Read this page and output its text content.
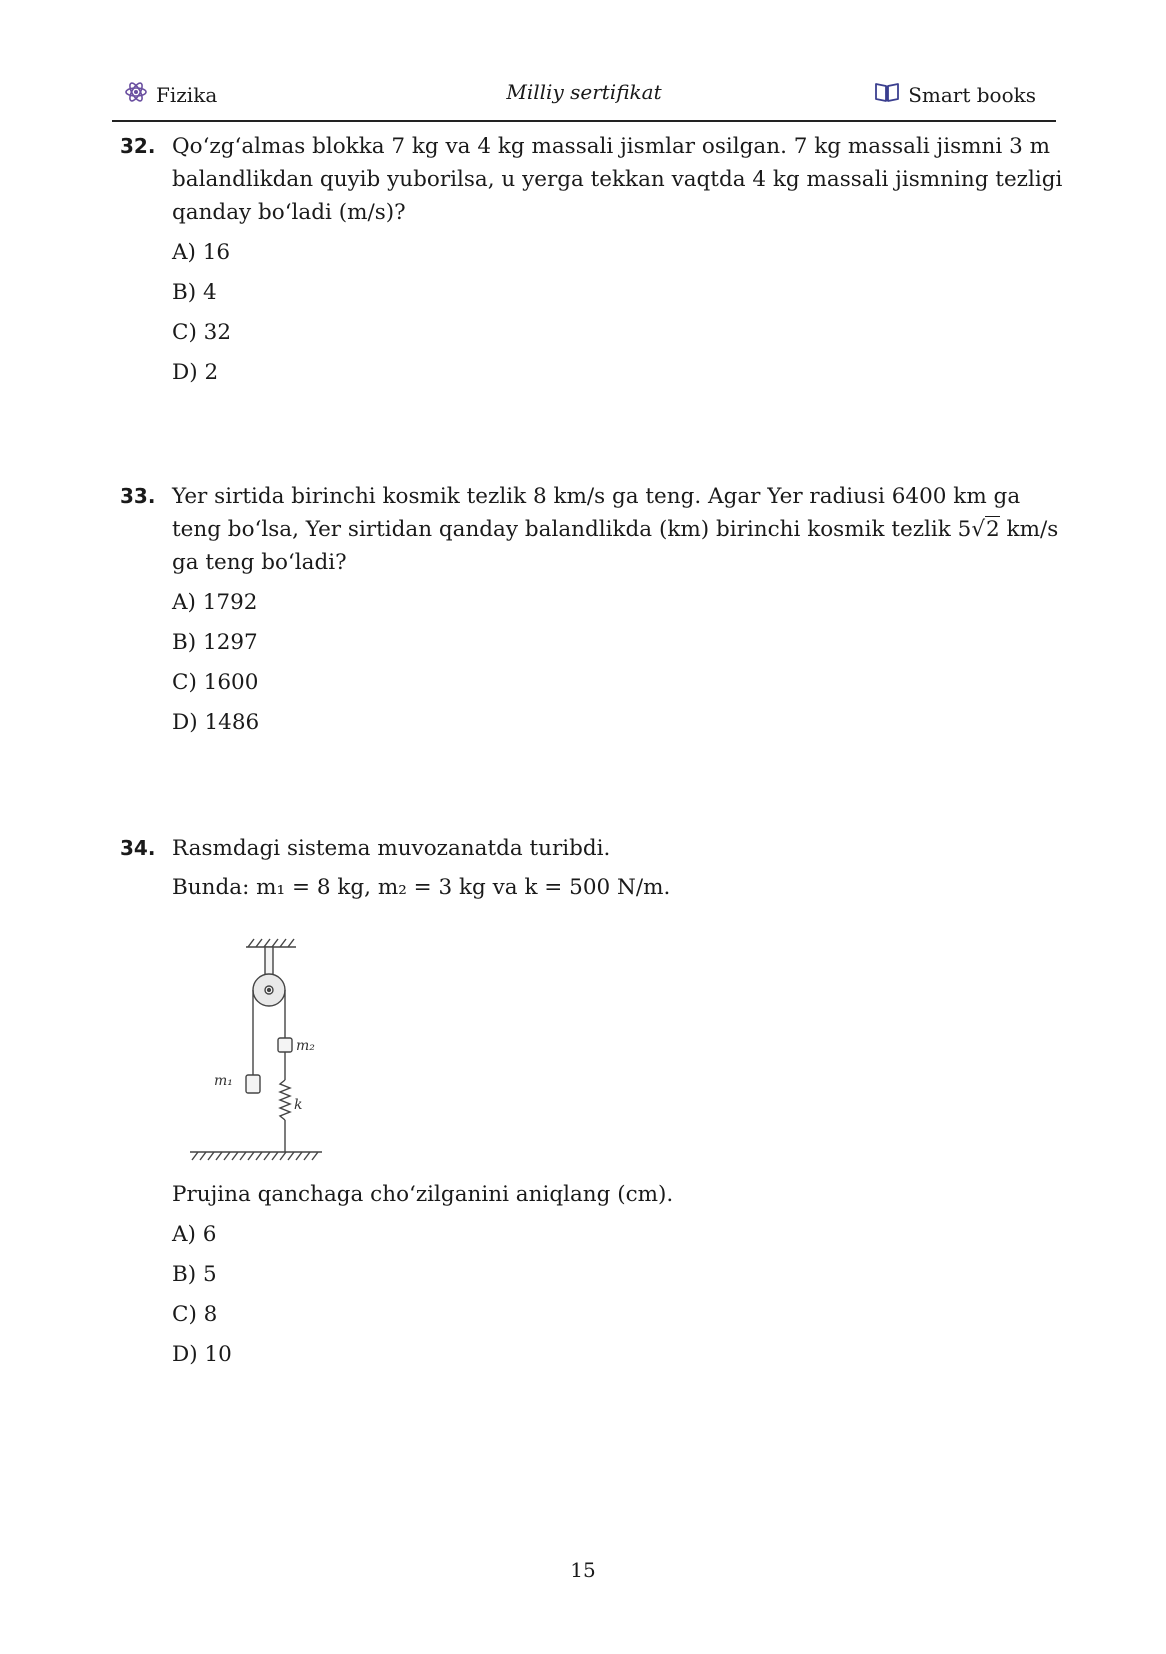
Fizika	Milliy sertifikat	Smart books
32. Qo‘zg‘almas blokka 7 kg va 4 kg massali jismlar osilgan. 7 kg massali jismni 3 m
balandlikdan quyib yuborilsa, u yerga tekkan vaqtda 4 kg massali jismning tezligi
qanday bo‘ladi (m/s)?
A) 16
B) 4
C) 32
D) 2
33. Yer sirtida birinchi kosmik tezlik 8 km/s ga teng. Agar Yer radiusi 6400 km ga
teng bo‘lsa, Yer sirtidan qanday balandlikda (km) birinchi kosmik tezlik 5√2 km/s
ga teng bo‘ladi?
A) 1792
B) 1297
C) 1600
D) 1486
34. Rasmdagi sistema muvozanatda turibdi.
Bunda: m₁ = 8 kg, m₂ = 3 kg va k = 500 N/m.
m₂
m₁
k
Prujina qanchaga cho‘zilganini aniqlang (cm).
A) 6
B) 5
C) 8
D) 10
15
